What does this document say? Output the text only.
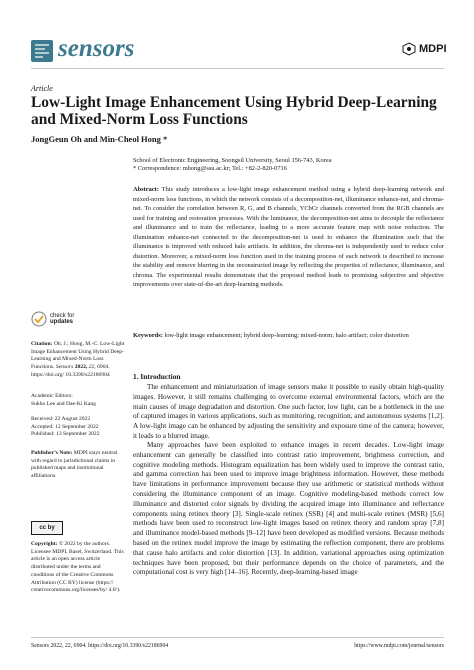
sensors	MDPI
Article
Low-Light Image Enhancement Using Hybrid Deep-Learning
and Mixed-Norm Loss Functions
JongGeun Oh and Min-Cheol Hong *
School of Electronic Engineering, Soongsil University, Seoul 156-743, Korea
* Correspondence: mhong@ssu.ac.kr; Tel.: +82-2-820-0716
Abstract: This study introduces a low-light image enhancement method using a hybrid deep-learning network and mixed-norm loss functions, in which the network consists of a decomposition-net, illuminance enhance-net, and chroma-net. To consider the correlation between R, G, and B channels, YCbCr channels converted from the RGB channels are used for training and restoration processes. With the luminance, the decomposition-net aims to decouple the reflectance and illuminance and to train the reflectance, leading to a more accurate feature map with noise reduction. The illumination enhance-net connected to the decomposition-net is used to enhance the illumination such that the illuminance is improved with reduced halo artifacts. In addition, the chroma-net is independently used to reduce color distortion. Moreover, a mixed-norm loss function used in the training process of each network is described to increase the stability and remove blurring in the reconstructed image by reflecting the properties of reflectance, illuminance, and chroma. The experimental results demonstrate that the proposed method leads to promising subjective and objective improvements over state-of-the-art deep-learning methods.
Keywords: low-light image enhancement; hybrid deep-learning; mixed-norm; halo artifact; color distortion
check for
updates
Citation: Oh, J.; Hong, M.-C. Low-Light Image Enhancement Using Hybrid Deep-Learning and Mixed-Norm Loss Functions. Sensors 2022, 22, 6904. https://doi.org/ 10.3390/s22186904
Academic Editors:
Sukho Lee and Dae-Ki Kang
Received: 22 August 2022
Accepted: 12 September 2022
Published: 13 September 2022
Publisher’s Note: MDPI stays neutral with regard to jurisdictional claims in published maps and institutional affiliations.
cc by
Copyright: © 2022 by the authors. Licensee MDPI, Basel, Switzerland. This article is an open access article distributed under the terms and conditions of the Creative Commons Attribution (CC BY) license (https:// creativecommons.org/licenses/by/ 4.0/).
1. Introduction
The enhancement and miniaturization of image sensors make it possible to easily obtain high-quality images. However, it still remains challenging to overcome external environmental factors, which are the main causes of image degradation and distortion. One such factor, low light, can be a bottleneck in the use of captured images in various applications, such as monitoring, recognition, and autonomous systems [1,2]. A low-light image can be enhanced by adjusting the sensitivity and exposure time of the camera; however, it leads to a blurred image.
Many approaches have been exploited to enhance images in recent decades. Low-light image enhancement can generally be classified into contrast ratio improvement, brightness correction, and cognitive modeling methods. Histogram equalization has been widely used to improve the contrast ratio, and gamma correction has been used to improve image brightness information. However, these methods have limitations in performance improvement because they use arithmetic or statistical methods without considering the illuminance component of an image. Cognitive modeling-based methods correct low illuminance and distorted color signals by dividing the acquired image into illuminance and reflectance components using retinex theory [3]. Single-scale retinex (SSR) [4] and multi-scale retinex (MSR) [5,6] methods have been used to reconstruct low-light images based on retinex theory and random spray [7,8] and illuminance model-based methods [9–12] have been developed as modified versions. Because methods based on the retinex model improve the image by estimating the reflection component, there are problems that cause halo artifacts and color distortion [13]. In addition, variational approaches using optimization techniques have been proposed, but their performance depends on the choice of parameters, and the computational cost is very high [14–16]. Recently, deep-learning-based image
Sensors 2022, 22, 6904. https://doi.org/10.3390/s22186904	https://www.mdpi.com/journal/sensors
